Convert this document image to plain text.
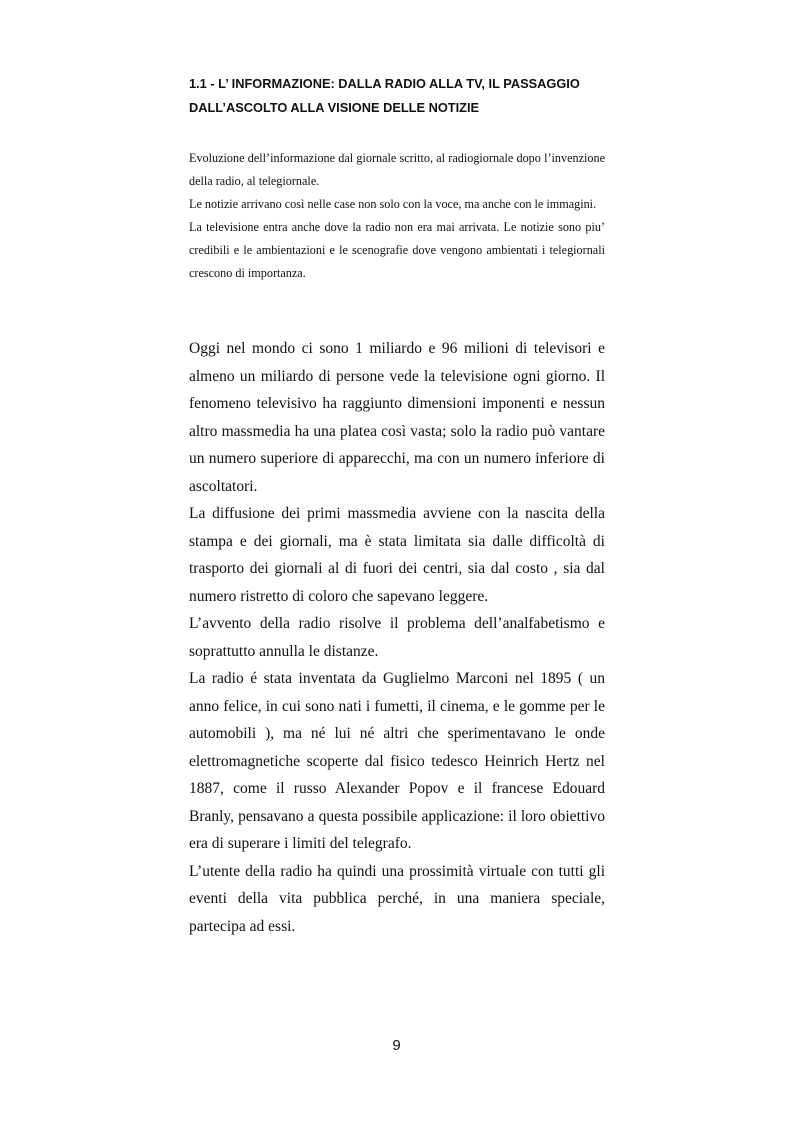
1.1 - L’ INFORMAZIONE: DALLA RADIO ALLA TV, IL PASSAGGIO
DALL’ASCOLTO ALLA VISIONE DELLE NOTIZIE

Evoluzione dell’informazione dal giornale scritto, al radiogiornale dopo l’invenzione della radio, al telegiornale.

Le notizie arrivano così nelle case non solo con la voce, ma anche con le immagini.

La televisione entra anche dove la radio non era mai arrivata. Le notizie sono piu’ credibili e le ambientazioni e le scenografie dove vengono ambientati i telegiornali crescono di importanza.

Oggi nel mondo ci sono 1 miliardo e 96 milioni di televisori e almeno un miliardo di persone vede la televisione ogni giorno. Il fenomeno televisivo ha raggiunto dimensioni imponenti e nessun altro massmedia ha una platea così vasta; solo la radio può vantare un numero superiore di apparecchi, ma con un numero inferiore di ascoltatori.

La diffusione dei primi massmedia avviene con la nascita della stampa e dei giornali, ma è stata limitata sia dalle difficoltà di trasporto dei giornali al di fuori dei centri, sia dal costo , sia dal numero ristretto di coloro che sapevano leggere.

L’avvento della radio risolve il problema dell’analfabetismo e soprattutto annulla le distanze.

La radio é stata inventata da Guglielmo Marconi nel 1895 ( un anno felice, in cui sono nati i fumetti, il cinema, e le gomme per le automobili ), ma né lui né altri che sperimentavano le onde elettromagnetiche scoperte dal fisico tedesco Heinrich Hertz nel 1887, come il russo Alexander Popov e il francese Edouard Branly, pensavano a questa possibile applicazione: il loro obiettivo era di superare i limiti del telegrafo.

L’utente della radio ha quindi una prossimità virtuale con tutti gli eventi della vita pubblica perché, in una maniera speciale, partecipa ad essi.

9
